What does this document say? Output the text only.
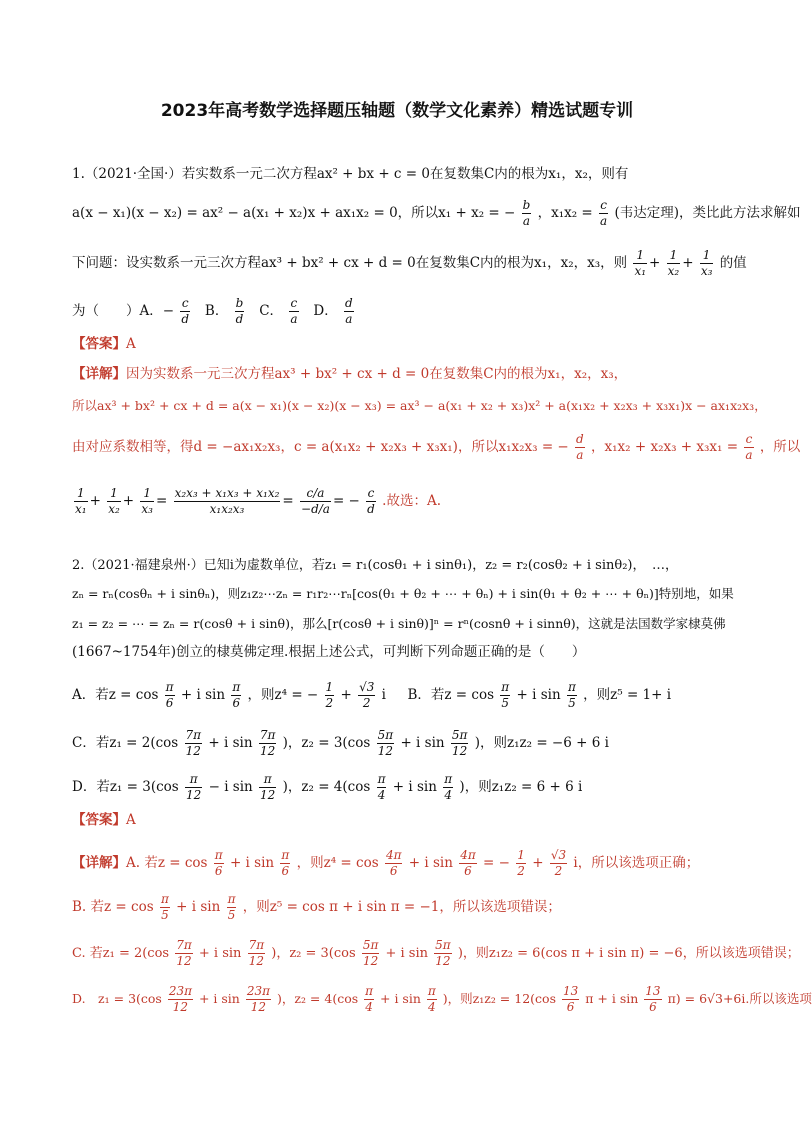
2023年高考数学选择题压轴题（数学文化素养）精选试题专训
1.（2021·全国·）若实数系一元二次方程ax² + bx + c = 0在复数集C内的根为x₁，x₂，则有
a(x − x₁)(x − x₂) = ax² − a(x₁ + x₂)x + ax₁x₂ = 0，所以x₁ + x₂ = − $\frac{b}{a}$ ，$x_1x_2 = \frac{c}{a}$ (韦达定理)，类比此方法求解如
下问题：设实数系一元三次方程ax³ + bx² + cx + d = 0在复数集C内的根为x₁，x₂，x₃，则 $\frac{1}{\text{x₁}} + \frac{1}{\text{x₂}} + \frac{1}{\text{x₃}}$ 的值
为（　　）A．− $\frac{c}{d}$ B． $\frac{b}{d}$ C． $\frac{c}{a}$ D． $\frac{d}{a}$
【答案】A
【详解】因为实数系一元三次方程ax³ + bx² + cx + d = 0在复数集C内的根为x₁，x₂，x₃，
所以ax³ + bx² + cx + d = a(x − x₁)(x − x₂)(x − x₃) = ax³ − a(x₁ + x₂ + x₃)x² + a(x₁x₂ + x₂x₃ + x₃x₁)x − ax₁x₂x₃，
由对应系数相等，得d = −ax₁x₂x₃，c = a(x₁x₂ + x₂x₃ + x₃x₁)，所以x₁x₂x₃ = − $\frac{d}{a}$ ，$x_1x_2 + x_2x_3 + x_3x_1 = \frac{c}{a}$ ，所以
$\frac{1}{\text{x₁}} + \frac{1}{\text{x₂}} + \frac{1}{\text{x₃}} = \frac{\text{x₂x₃ + x₁x₃ + x₁x₂}}{\text{x₁x₂x₃}} = \frac{c/a}{-d/a}$ = − $\frac{c}{d}$ .故选：A.
2.（2021·福建泉州·）已知i为虚数单位，若z₁ = r₁(cosθ₁ + i sinθ₁)，z₂ = r₂(cosθ₂ + i sinθ₂)，　…，
zₙ = rₙ(cosθₙ + i sinθₙ)，则z₁z₂⋯zₙ = r₁r₂⋯rₙ[cos(θ₁ + θ₂ + ⋯ + θₙ) + i sin(θ₁ + θ₂ + ⋯ + θₙ)]特别地，如果
z₁ = z₂ = ⋯ = zₙ = r(cosθ + i sinθ)，那么[r(cosθ + i sinθ)]ⁿ = rⁿ(cosnθ + i sinnθ)，这就是法国数学家棣莫佛
(1667~1754年)创立的棣莫佛定理.根据上述公式，可判断下列命题正确的是（　　）
A．若$z = \cos \frac{\pi}{6} + i$ $\sin \frac{\pi}{6}$ ，则z⁴ = − $\frac{1}{2} + \frac{√3}{2}$ i B．若$z = \cos \frac{\pi}{5} + i$ $\sin \frac{\pi}{5}$ ，则z⁵ = 1+ i
C．若$z_1 = 2(\cos \frac{7\pi}{12} + i$ $\sin \frac{7\pi}{12}$ )，$z_2 = 3(\cos \frac{5\pi}{12} + i$ $\sin \frac{5\pi}{12}$ )，则z₁z₂ = −6 + 6 i
D．若$z_1 = 3(\cos \frac{\pi}{12} - i$ $\sin \frac{\pi}{12}$ )，$z_2 = 4(\cos \frac{\pi}{4} + i$ $\sin \frac{\pi}{4}$ )，则z₁z₂ = 6 + 6 i
【答案】A
【详解】A. 若$z = \cos \frac{\pi}{6} + i$ $\sin \frac{\pi}{6}$ ，则$z^4 = \cos \frac{4\pi}{6} + i$ $\sin \frac{4\pi}{6}$ = − $\frac{1}{2} + \frac{√3}{2}$ i，所以该选项正确；
B. 若$z = \cos \frac{\pi}{5} + i$ $\sin \frac{\pi}{5}$ ，则z⁵ = cos π + i sin π = −1，所以该选项错误；
C. 若$z_1 = 2(\cos \frac{7\pi}{12} + i$ $\sin \frac{7\pi}{12}$ )，$z_2 = 3(\cos \frac{5\pi}{12} + i$ $\sin \frac{5\pi}{12}$ )，则z₁z₂ = 6(cos π + i sin π) = −6，所以该选项错误；
D.　$z_1 = 3(\cos \frac{23\pi}{12} + i$ $\sin \frac{23\pi}{12}$ )，$z_2 = 4(\cos \frac{\pi}{4} + i$ $\sin \frac{\pi}{4}$ )，则$z_1z_2 = 12(\cos \frac{13}{6}$ π + i $\sin \frac{13}{6} \pi) = 6√3+6i$.所以该选项
